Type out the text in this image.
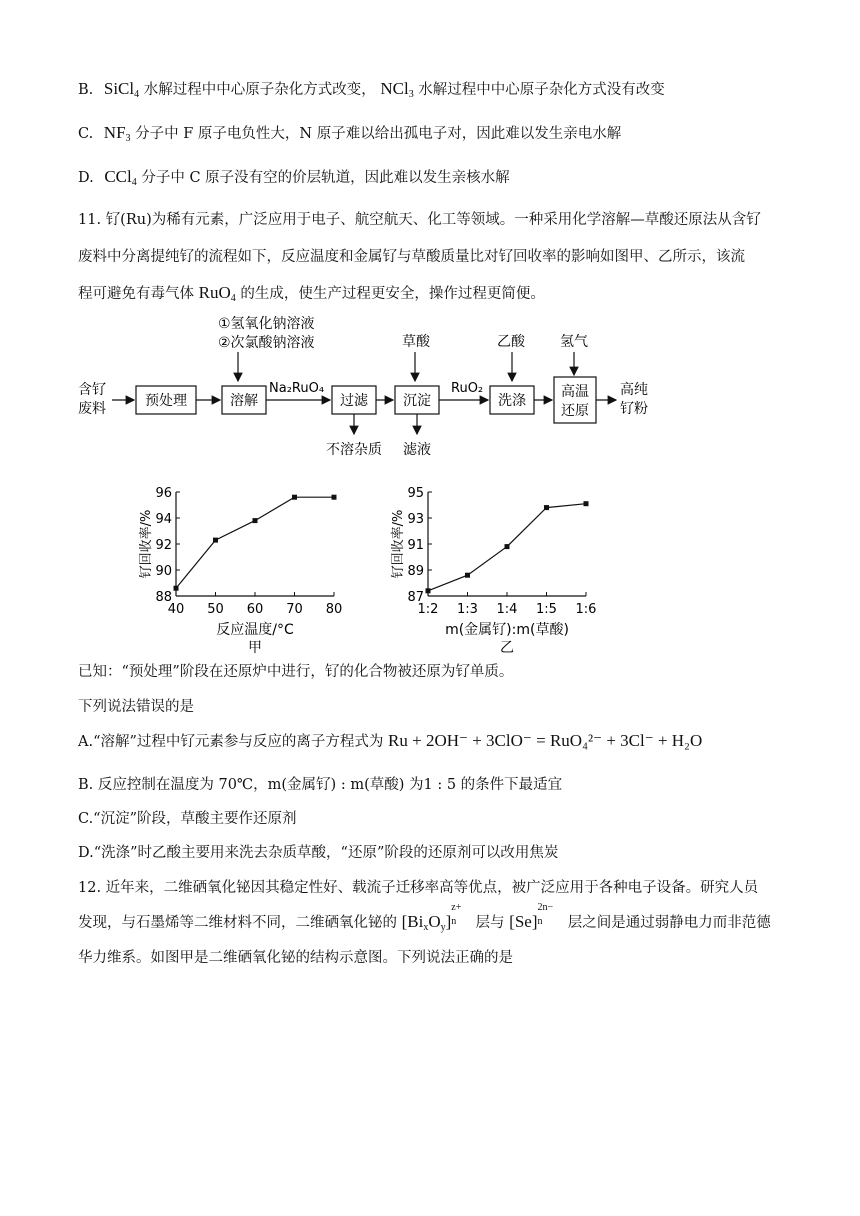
B. SiCl$_4$ 水解过程中中心原子杂化方式改变， NCl$_3$ 水解过程中中心原子杂化方式没有改变
C. $NF_3$ 分子中 F 原子电负性大，N 原子难以给出孤电子对，因此难以发生亲电水解
D. CCl$_4$ 分子中 C 原子没有空的价层轨道，因此难以发生亲核水解
11. 钌(Ru)为稀有元素，广泛应用于电子、航空航天、化工等领域。一种采用化学溶解—草酸还原法从含钌
废料中分离提纯钌的流程如下，反应温度和金属钌与草酸质量比对钌回收率的影响如图甲、乙所示，该流
程可避免有毒气体 RuO$_4$ 的生成，使生产过程更安全，操作过程更简便。
①氢氧化钠溶液
②次氯酸钠溶液	草酸	乙酸	氢气
含钌
废料	预处理	溶解
Na₂RuO₄
过滤	沉淀
RuO₂
洗涤
高温
还原
高纯
钌粉
不溶杂质 滤液
88
90
92
94
96
40 50 60 70 80
钌回收率/%
反应温度/°C
甲
87
89
91
93
95
1:2 1:3 1:4 1:5 1:6
钌回收率/%
m(金属钌):m(草酸)
乙
已知：“预处理”阶段在还原炉中进行，钌的化合物被还原为钌单质。
下列说法错误的是
A.“溶解”过程中钌元素参与反应的离子方程式为 Ru + 2OH⁻ + 3ClO⁻ = RuO₄²⁻ + 3Cl⁻ + H₂O
B. 反应控制在温度为 70℃，m(金属钌) : m(草酸) 为1 : 5 的条件下最适宜
C.“沉淀”阶段，草酸主要作还原剂
D.“洗涤”时乙酸主要用来洗去杂质草酸，“还原”阶段的还原剂可以改用焦炭
12. 近年来，二维硒氧化铋因其稳定性好、载流子迁移率高等优点，被广泛应用于各种电子设备。研究人员
发现，与石墨烯等二维材料不同，二维硒氧化铋的 $[Bi_xO_y]$
z+
n 层与 [Se]
2n−
n 层之间是通过弱静电力而非范德
华力维系。如图甲是二维硒氧化铋的结构示意图。下列说法正确的是
